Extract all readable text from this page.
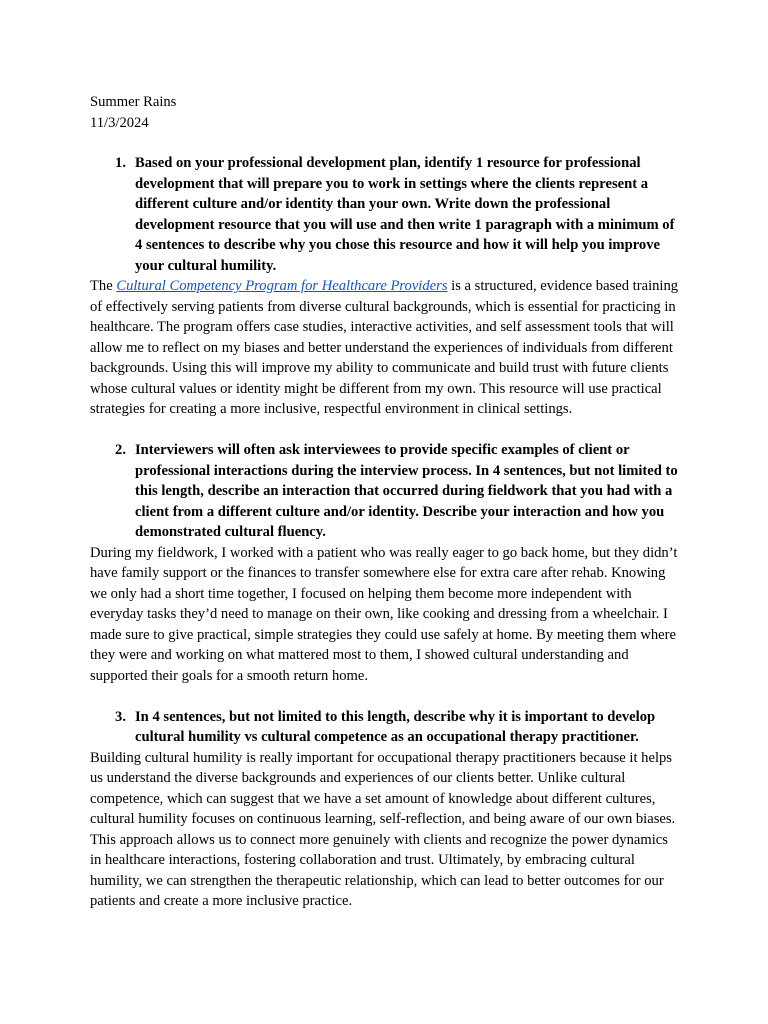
Summer Rains

11/3/2024

1. Based on your professional development plan, identify 1 resource for professional development that will prepare you to work in settings where the clients represent a different culture and/or identity than your own. Write down the professional development resource that you will use and then write 1 paragraph with a minimum of 4 sentences to describe why you chose this resource and how it will help you improve your cultural humility.

The Cultural Competency Program for Healthcare Providers is a structured, evidence based training of effectively serving patients from diverse cultural backgrounds, which is essential for practicing in healthcare. The program offers case studies, interactive activities, and self assessment tools that will allow me to reflect on my biases and better understand the experiences of individuals from different backgrounds. Using this will improve my ability to communicate and build trust with future clients whose cultural values or identity might be different from my own. This resource will use practical strategies for creating a more inclusive, respectful environment in clinical settings.

2. Interviewers will often ask interviewees to provide specific examples of client or professional interactions during the interview process. In 4 sentences, but not limited to this length, describe an interaction that occurred during fieldwork that you had with a client from a different culture and/or identity. Describe your interaction and how you demonstrated cultural fluency.

During my fieldwork, I worked with a patient who was really eager to go back home, but they didn’t have family support or the finances to transfer somewhere else for extra care after rehab. Knowing we only had a short time together, I focused on helping them become more independent with everyday tasks they’d need to manage on their own, like cooking and dressing from a wheelchair. I made sure to give practical, simple strategies they could use safely at home. By meeting them where they were and working on what mattered most to them, I showed cultural understanding and supported their goals for a smooth return home.

3. In 4 sentences, but not limited to this length, describe why it is important to develop cultural humility vs cultural competence as an occupational therapy practitioner.

Building cultural humility is really important for occupational therapy practitioners because it helps us understand the diverse backgrounds and experiences of our clients better. Unlike cultural competence, which can suggest that we have a set amount of knowledge about different cultures, cultural humility focuses on continuous learning, self-reflection, and being aware of our own biases. This approach allows us to connect more genuinely with clients and recognize the power dynamics in healthcare interactions, fostering collaboration and trust. Ultimately, by embracing cultural humility, we can strengthen the therapeutic relationship, which can lead to better outcomes for our patients and create a more inclusive practice.
